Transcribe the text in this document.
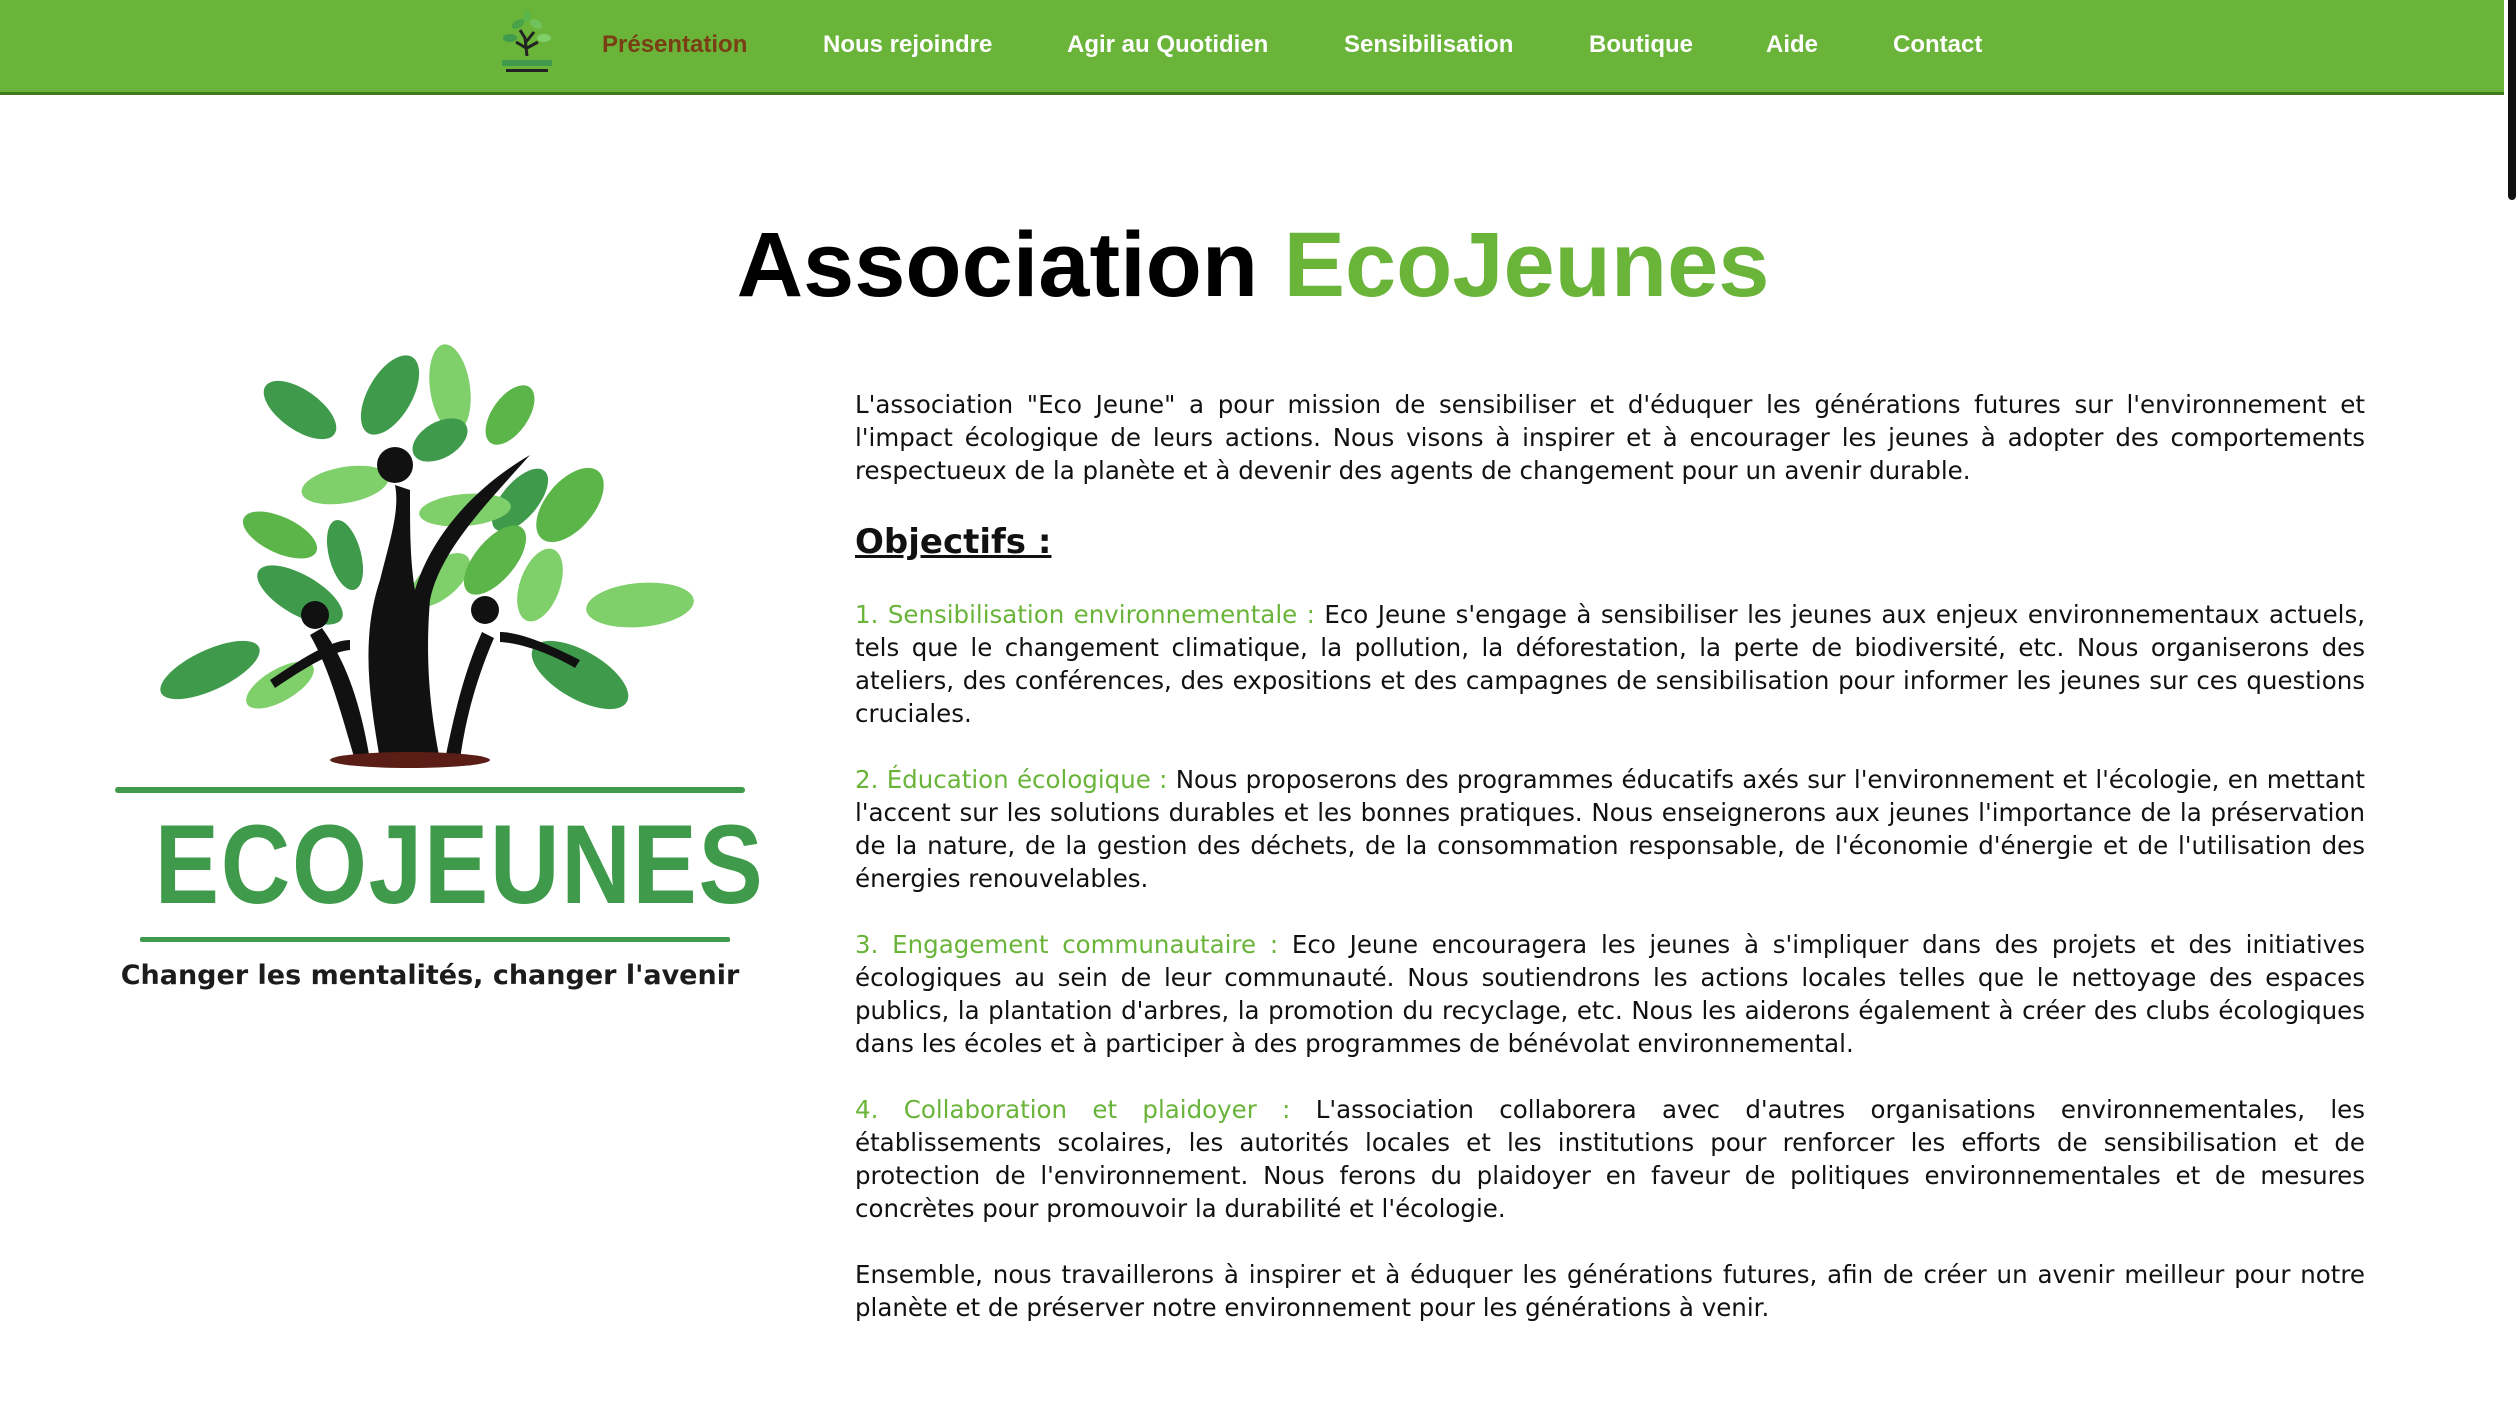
Présentation	Nous rejoindre	Agir au Quotidien	Sensibilisation	Boutique	Aide	Contact
Association EcoJeunes
ECOJEUNES
Changer les mentalités, changer l'avenir

L'association "Eco Jeune" a pour mission de sensibiliser et d'éduquer les générations futures sur l'environnement et l'impact écologique de leurs actions. Nous visons à inspirer et à encourager les jeunes à adopter des comportements respectueux de la planète et à devenir des agents de changement pour un avenir durable.

Objectifs :

1. Sensibilisation environnementale : Eco Jeune s'engage à sensibiliser les jeunes aux enjeux environnementaux actuels, tels que le changement climatique, la pollution, la déforestation, la perte de biodiversité, etc. Nous organiserons des ateliers, des conférences, des expositions et des campagnes de sensibilisation pour informer les jeunes sur ces questions cruciales.

2. Éducation écologique : Nous proposerons des programmes éducatifs axés sur l'environnement et l'écologie, en mettant l'accent sur les solutions durables et les bonnes pratiques. Nous enseignerons aux jeunes l'importance de la préservation de la nature, de la gestion des déchets, de la consommation responsable, de l'économie d'énergie et de l'utilisation des énergies renouvelables.

3. Engagement communautaire : Eco Jeune encouragera les jeunes à s'impliquer dans des projets et des initiatives écologiques au sein de leur communauté. Nous soutiendrons les actions locales telles que le nettoyage des espaces publics, la plantation d'arbres, la promotion du recyclage, etc. Nous les aiderons également à créer des clubs écologiques dans les écoles et à participer à des programmes de bénévolat environnemental.

4. Collaboration et plaidoyer : L'association collaborera avec d'autres organisations environnementales, les établissements scolaires, les autorités locales et les institutions pour renforcer les efforts de sensibilisation et de protection de l'environnement. Nous ferons du plaidoyer en faveur de politiques environnementales et de mesures concrètes pour promouvoir la durabilité et l'écologie.

Ensemble, nous travaillerons à inspirer et à éduquer les générations futures, afin de créer un avenir meilleur pour notre planète et de préserver notre environnement pour les générations à venir.
